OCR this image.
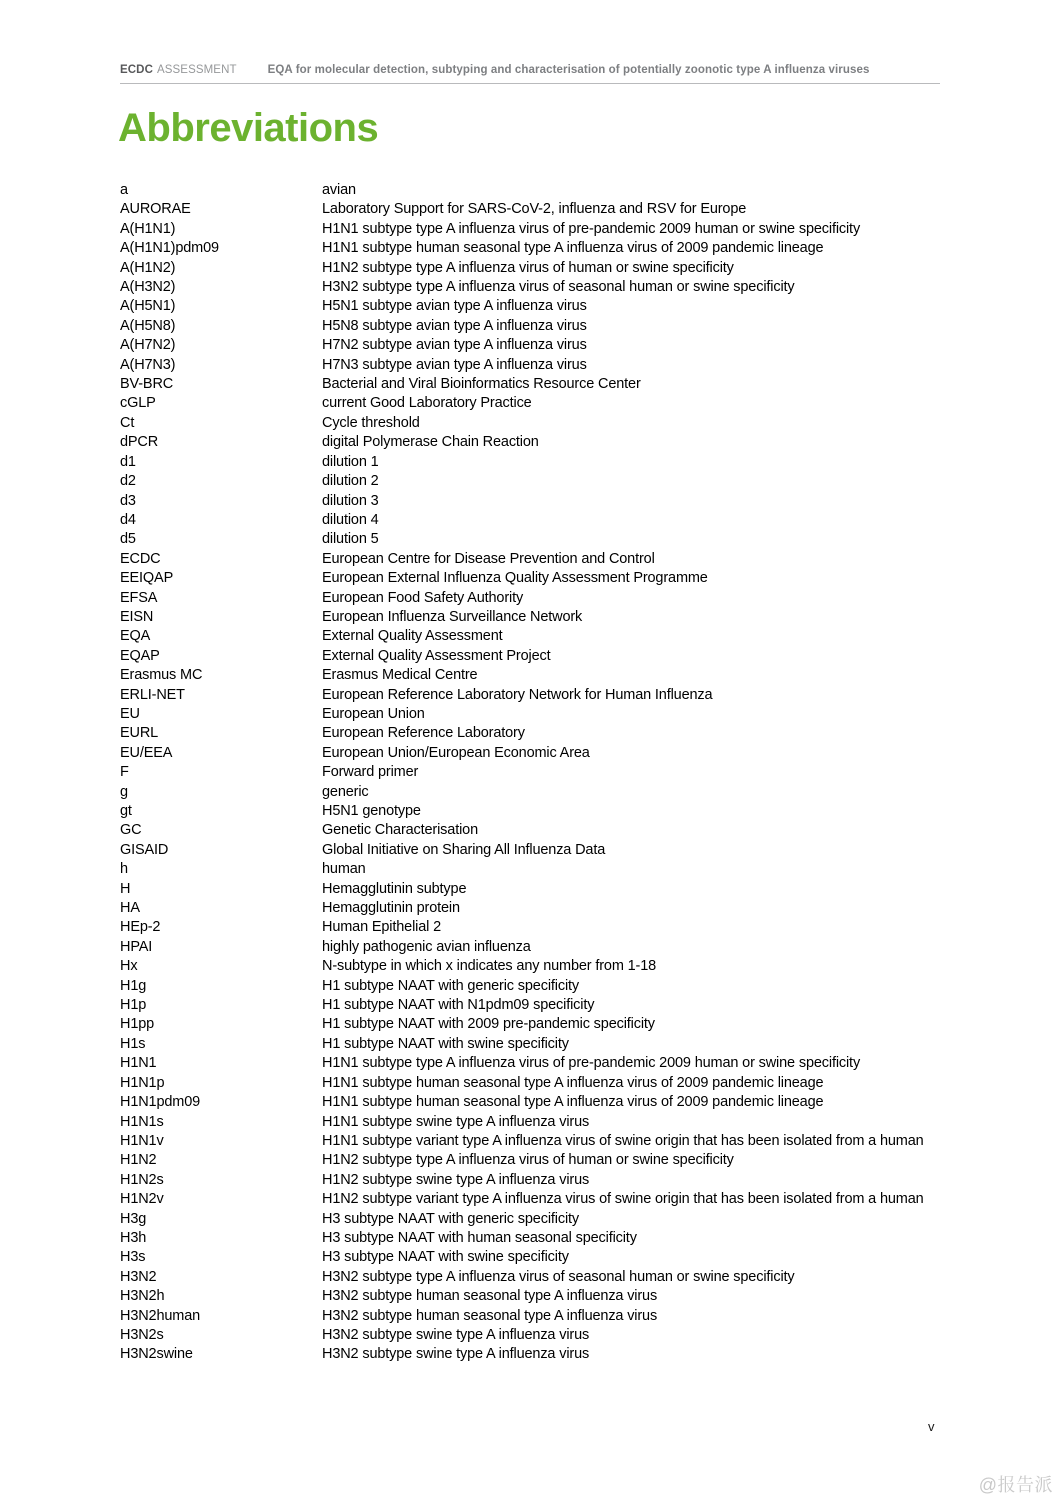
ECDC ASSESSMENT	EQA for molecular detection, subtyping and characterisation of potentially zoonotic type A influenza viruses
Abbreviations
a	avian
AURORAE	Laboratory Support for SARS-CoV-2, influenza and RSV for Europe
A(H1N1)	H1N1 subtype type A influenza virus of pre-pandemic 2009 human or swine specificity
A(H1N1)pdm09	H1N1 subtype human seasonal type A influenza virus of 2009 pandemic lineage
A(H1N2)	H1N2 subtype type A influenza virus of human or swine specificity
A(H3N2)	H3N2 subtype type A influenza virus of seasonal human or swine specificity
A(H5N1)	H5N1 subtype avian type A influenza virus
A(H5N8)	H5N8 subtype avian type A influenza virus
A(H7N2)	H7N2 subtype avian type A influenza virus
A(H7N3)	H7N3 subtype avian type A influenza virus
BV-BRC	Bacterial and Viral Bioinformatics Resource Center
cGLP	current Good Laboratory Practice
Ct	Cycle threshold
dPCR	digital Polymerase Chain Reaction
d1	dilution 1
d2	dilution 2
d3	dilution 3
d4	dilution 4
d5	dilution 5
ECDC	European Centre for Disease Prevention and Control
EEIQAP	European External Influenza Quality Assessment Programme
EFSA	European Food Safety Authority
EISN	European Influenza Surveillance Network
EQA	External Quality Assessment
EQAP	External Quality Assessment Project
Erasmus MC	Erasmus Medical Centre
ERLI-NET	European Reference Laboratory Network for Human Influenza
EU	European Union
EURL	European Reference Laboratory
EU/EEA	European Union/European Economic Area
F	Forward primer
g	generic
gt	H5N1 genotype
GC	Genetic Characterisation
GISAID	Global Initiative on Sharing All Influenza Data
h	human
H	Hemagglutinin subtype
HA	Hemagglutinin protein
HEp-2	Human Epithelial 2
HPAI	highly pathogenic avian influenza
Hx	N-subtype in which x indicates any number from 1-18
H1g	H1 subtype NAAT with generic specificity
H1p	H1 subtype NAAT with N1pdm09 specificity
H1pp	H1 subtype NAAT with 2009 pre-pandemic specificity
H1s	H1 subtype NAAT with swine specificity
H1N1	H1N1 subtype type A influenza virus of pre-pandemic 2009 human or swine specificity
H1N1p	H1N1 subtype human seasonal type A influenza virus of 2009 pandemic lineage
H1N1pdm09	H1N1 subtype human seasonal type A influenza virus of 2009 pandemic lineage
H1N1s	H1N1 subtype swine type A influenza virus
H1N1v	H1N1 subtype variant type A influenza virus of swine origin that has been isolated from a human
H1N2	H1N2 subtype type A influenza virus of human or swine specificity
H1N2s	H1N2 subtype swine type A influenza virus
H1N2v	H1N2 subtype variant type A influenza virus of swine origin that has been isolated from a human
H3g	H3 subtype NAAT with generic specificity
H3h	H3 subtype NAAT with human seasonal specificity
H3s	H3 subtype NAAT with swine specificity
H3N2	H3N2 subtype type A influenza virus of seasonal human or swine specificity
H3N2h	H3N2 subtype human seasonal type A influenza virus
H3N2human	H3N2 subtype human seasonal type A influenza virus
H3N2s	H3N2 subtype swine type A influenza virus
H3N2swine	H3N2 subtype swine type A influenza virus
v
@报告派
